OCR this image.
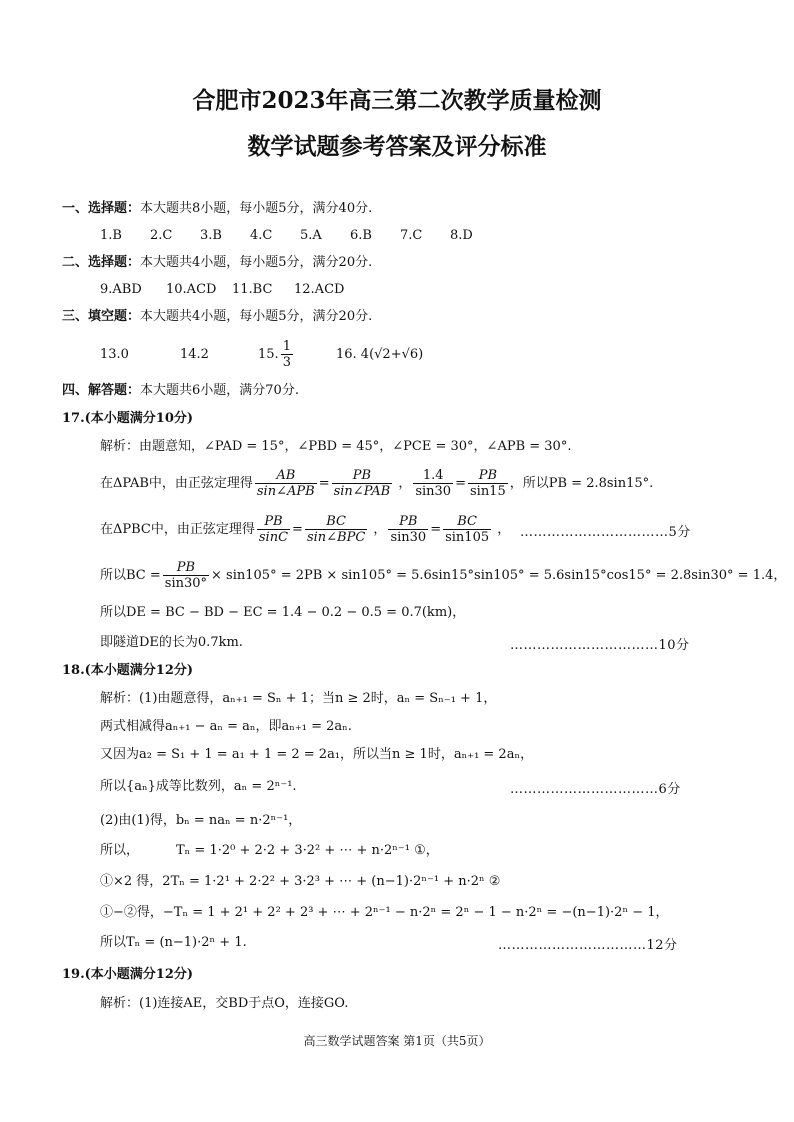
合肥市2023年高三第二次教学质量检测
数学试题参考答案及评分标准
一、选择题：本大题共8小题，每小题5分，满分40分.
1.B 2.C 3.B 4.C 5.A 6.B 7.C 8.D
二、选择题：本大题共4小题，每小题5分，满分20分.
9.ABD 10.ACD 11.BC 12.ACD
三、填空题：本大题共4小题，每小题5分，满分20分.
13.0	14.2	15. $\frac{1}{3}$	16. 4(√2+√6)
四、解答题：本大题共6小题，满分70分.
17.(本小题满分10分)
解析：由题意知，∠PAD = 15°，∠PBD = 45°，∠PCE = 30°，∠APB = 30°.
在ΔPAB中，由正弦定理得 $\frac{AB}{\text{sin∠APB}} = \frac{PB}{\text{sin∠PAB}}$ ， $\frac{1.4}{\sin 30} = \frac{PB}{\sin 15}$ ，所以PB = 2.8sin15°.
在ΔPBC中，由正弦定理得 $\frac{PB}{\sin C} = \frac{BC}{\text{sin∠BPC}}$ ， $\frac{PB}{\sin 30} = \frac{BC}{\sin 105}$ ， ……………………………5分
所以BC = $\frac{PB}{\sin 30^\circ} \times \sin 105^\circ = 2PB \times \sin 105^\circ = 5.6\sin 15^\circ\sin 105^\circ = 5.6\sin 15^\circ\cos 15^\circ = 2.8\sin 30^\circ = 1.4$，
所以DE = BC − BD − EC = 1.4 − 0.2 − 0.5 = 0.7(km)，
即隧道DE的长为0.7km.	……………………………10分
18.(本小题满分12分)
解析：(1)由题意得，aₙ₊₁ = Sₙ + 1；当n ≥ 2时，aₙ = Sₙ₋₁ + 1，
两式相减得aₙ₊₁ − aₙ = aₙ，即aₙ₊₁ = 2aₙ.
又因为a₂ = S₁ + 1 = a₁ + 1 = 2 = 2a₁，所以当n ≥ 1时，aₙ₊₁ = 2aₙ，
所以{aₙ}成等比数列，aₙ = 2ⁿ⁻¹.	……………………………6分
(2)由(1)得，bₙ = naₙ = n·2ⁿ⁻¹，
所以，	Tₙ = 1·2⁰ + 2·2 + 3·2² + ⋯ + n·2ⁿ⁻¹ ①，
①×2 得，2Tₙ = 1·2¹ + 2·2² + 3·2³ + ⋯ + (n−1)·2ⁿ⁻¹ + n·2ⁿ ②
①−②得，−Tₙ = 1 + 2¹ + 2² + 2³ + ⋯ + 2ⁿ⁻¹ − n·2ⁿ = 2ⁿ − 1 − n·2ⁿ = −(n−1)·2ⁿ − 1，
所以Tₙ = (n−1)·2ⁿ + 1.	……………………………12分
19.(本小题满分12分)
解析：(1)连接AE，交BD于点O，连接GO.
高三数学试题答案 第1页（共5页）
